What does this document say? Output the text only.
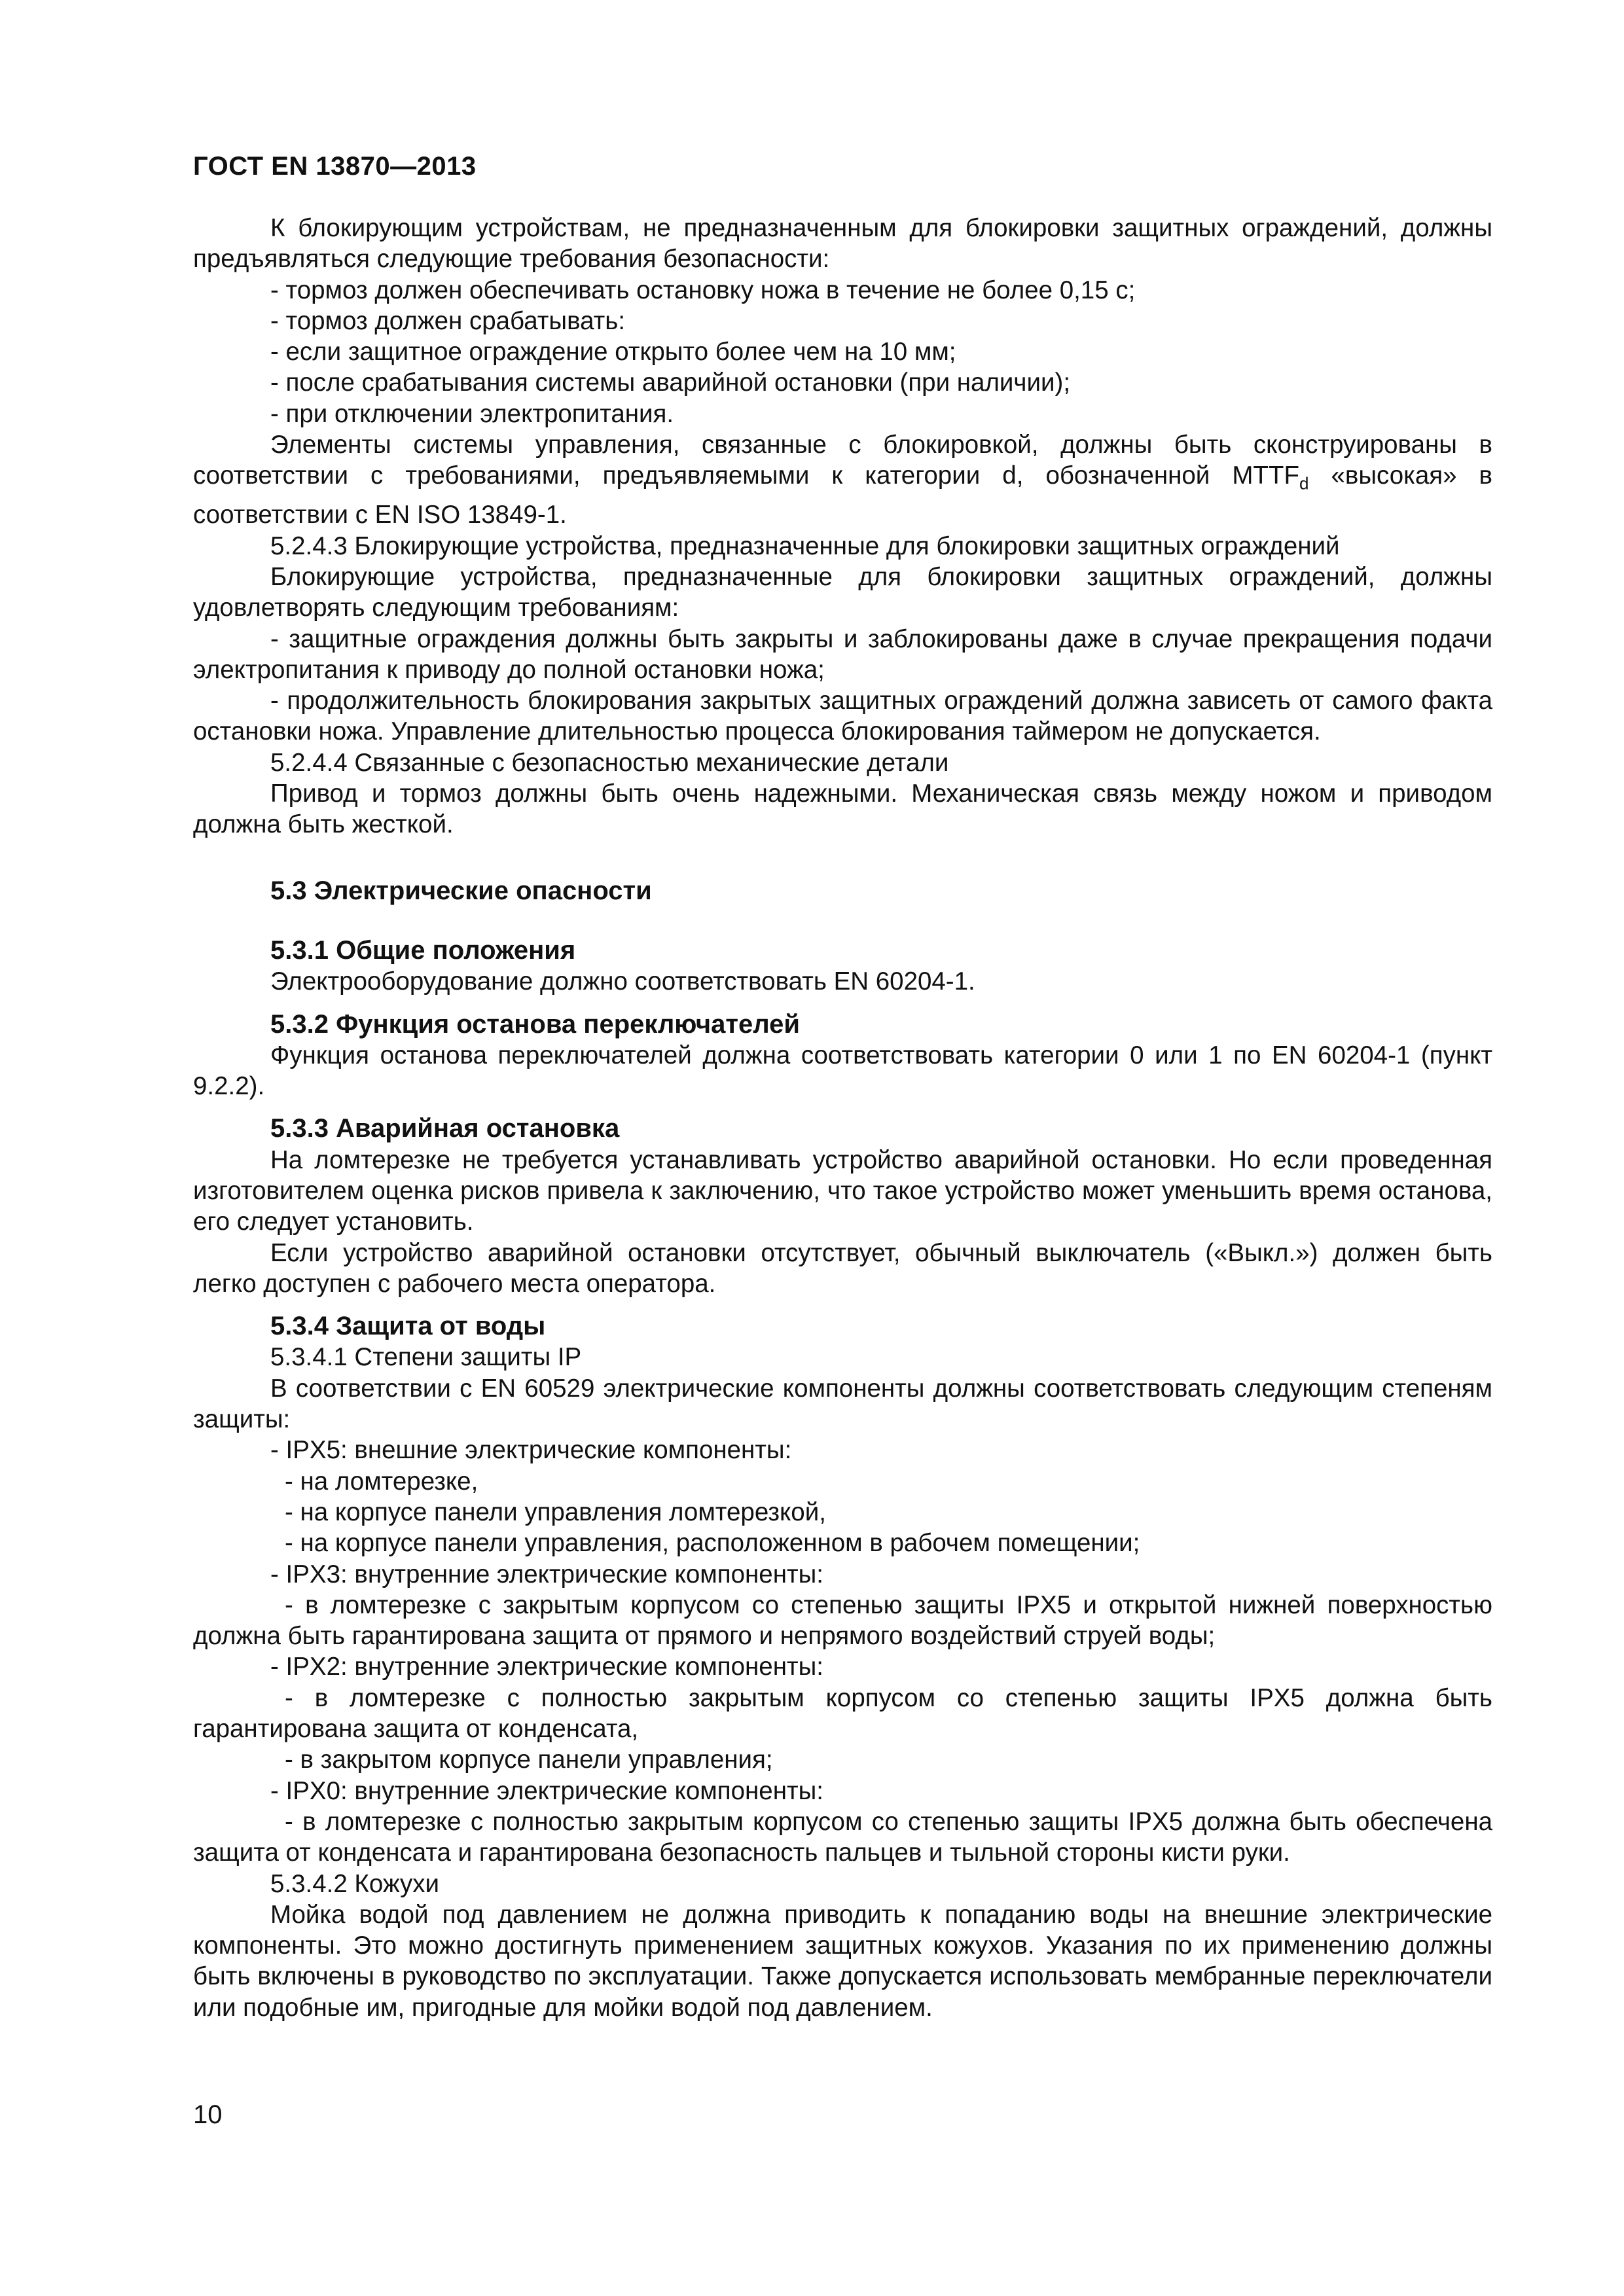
ГОСТ EN 13870—2013

К блокирующим устройствам, не предназначенным для блокировки защитных ограждений, должны предъявляться следующие требования безопасности:

- тормоз должен обеспечивать остановку ножа в течение не более 0,15 с;

- тормоз должен срабатывать:

- если защитное ограждение открыто более чем на 10 мм;

- после срабатывания системы аварийной остановки (при наличии);

- при отключении электропитания.

Элементы системы управления, связанные с блокировкой, должны быть сконструированы в соответствии с требованиями, предъявляемыми к категории d, обозначенной $MTTF_d$ «высокая» в соответствии с EN ISO 13849-1.

5.2.4.3 Блокирующие устройства, предназначенные для блокировки защитных ограждений

Блокирующие устройства, предназначенные для блокировки защитных ограждений, должны удовлетворять следующим требованиям:

- защитные ограждения должны быть закрыты и заблокированы даже в случае прекращения подачи электропитания к приводу до полной остановки ножа;

- продолжительность блокирования закрытых защитных ограждений должна зависеть от самого факта остановки ножа. Управление длительностью процесса блокирования таймером не допускается.

5.2.4.4 Связанные с безопасностью механические детали

Привод и тормоз должны быть очень надежными. Механическая связь между ножом и приводом должна быть жесткой.

5.3 Электрические опасности

5.3.1 Общие положения

Электрооборудование должно соответствовать EN 60204-1.

5.3.2 Функция останова переключателей

Функция останова переключателей должна соответствовать категории 0 или 1 по EN 60204-1 (пункт 9.2.2).

5.3.3 Аварийная остановка

На ломтерезке не требуется устанавливать устройство аварийной остановки. Но если проведенная изготовителем оценка рисков привела к заключению, что такое устройство может уменьшить время останова, его следует установить.

Если устройство аварийной остановки отсутствует, обычный выключатель («Выкл.») должен быть легко доступен с рабочего места оператора.

5.3.4 Защита от воды

5.3.4.1 Степени защиты IP

В соответствии с EN 60529 электрические компоненты должны соответствовать следующим степеням защиты:

- IPX5: внешние электрические компоненты:

- на ломтерезке,

- на корпусе панели управления ломтерезкой,

- на корпусе панели управления, расположенном в рабочем помещении;

- IPX3: внутренние электрические компоненты:

- в ломтерезке с закрытым корпусом со степенью защиты IPX5 и открытой нижней поверхностью должна быть гарантирована защита от прямого и непрямого воздействий струей воды;

- IPX2: внутренние электрические компоненты:

- в ломтерезке с полностью закрытым корпусом со степенью защиты IPX5 должна быть гарантирована защита от конденсата,

- в закрытом корпусе панели управления;

- IPX0: внутренние электрические компоненты:

- в ломтерезке с полностью закрытым корпусом со степенью защиты IPX5 должна быть обеспечена защита от конденсата и гарантирована безопасность пальцев и тыльной стороны кисти руки.

5.3.4.2 Кожухи

Мойка водой под давлением не должна приводить к попаданию воды на внешние электрические компоненты. Это можно достигнуть применением защитных кожухов. Указания по их применению должны быть включены в руководство по эксплуатации. Также допускается использовать мембранные переключатели или подобные им, пригодные для мойки водой под давлением.

10
